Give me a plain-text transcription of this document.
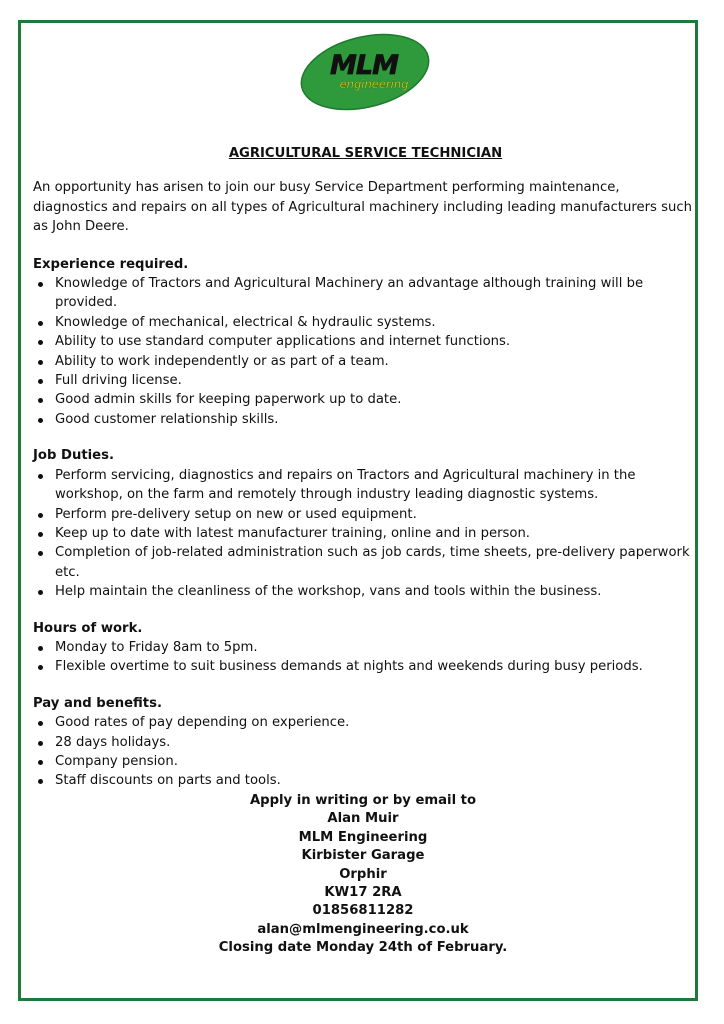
MLM
engineering
AGRICULTURAL SERVICE TECHNICIAN
An opportunity has arisen to join our busy Service Department performing maintenance, diagnostics and repairs on all types of Agricultural machinery including leading manufacturers such as John Deere.
Experience required.
Knowledge of Tractors and Agricultural Machinery an advantage although training will be provided.
Knowledge of mechanical, electrical & hydraulic systems.
Ability to use standard computer applications and internet functions.
Ability to work independently or as part of a team.
Full driving license.
Good admin skills for keeping paperwork up to date.
Good customer relationship skills.
Job Duties.
Perform servicing, diagnostics and repairs on Tractors and Agricultural machinery in the workshop, on the farm and remotely through industry leading diagnostic systems.
Perform pre-delivery setup on new or used equipment.
Keep up to date with latest manufacturer training, online and in person.
Completion of job-related administration such as job cards, time sheets, pre-delivery paperwork etc.
Help maintain the cleanliness of the workshop, vans and tools within the business.
Hours of work.
Monday to Friday 8am to 5pm.
Flexible overtime to suit business demands at nights and weekends during busy periods.
Pay and benefits.
Good rates of pay depending on experience.
28 days holidays.
Company pension.
Staff discounts on parts and tools.
Apply in writing or by email to
Alan Muir
MLM Engineering
Kirbister Garage
Orphir
KW17 2RA
01856811282
alan@mlmengineering.co.uk
Closing date Monday 24th of February.
